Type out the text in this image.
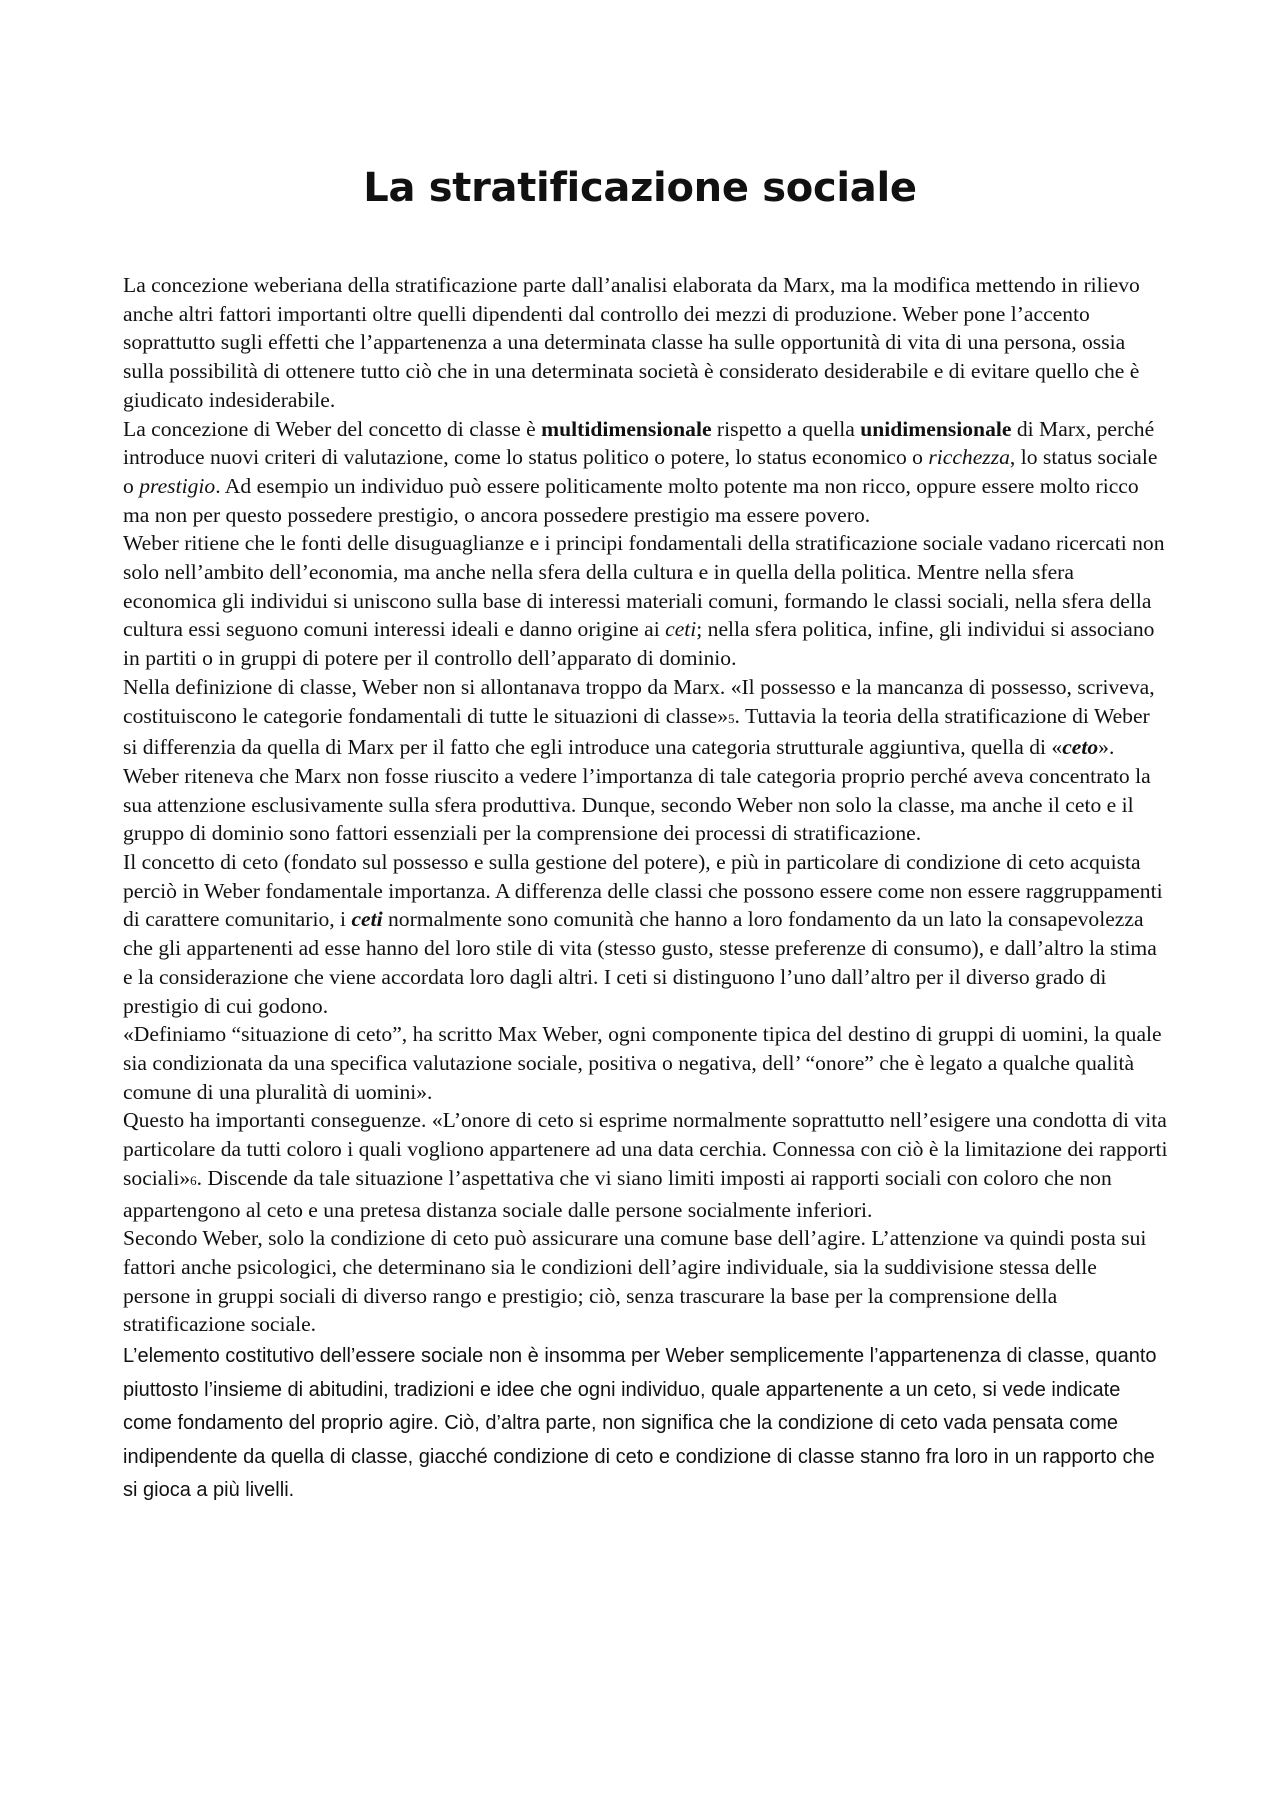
La stratificazione sociale

La concezione weberiana della stratificazione parte dall’analisi elaborata da Marx, ma la modifica mettendo in rilievo anche altri fattori importanti oltre quelli dipendenti dal controllo dei mezzi di produzione. Weber pone l’accento soprattutto sugli effetti che l’appartenenza a una determinata classe ha sulle opportunità di vita di una persona, ossia sulla possibilità di ottenere tutto ciò che in una determinata società è considerato desiderabile e di evitare quello che è giudicato indesiderabile.

La concezione di Weber del concetto di classe è multidimensionale rispetto a quella unidimensionale di Marx, perché introduce nuovi criteri di valutazione, come lo status politico o potere, lo status economico o ricchezza, lo status sociale o prestigio. Ad esempio un individuo può essere politicamente molto potente ma non ricco, oppure essere molto ricco ma non per questo possedere prestigio, o ancora possedere prestigio ma essere povero.

Weber ritiene che le fonti delle disuguaglianze e i principi fondamentali della stratificazione sociale vadano ricercati non solo nell’ambito dell’economia, ma anche nella sfera della cultura e in quella della politica. Mentre nella sfera economica gli individui si uniscono sulla base di interessi materiali comuni, formando le classi sociali, nella sfera della cultura essi seguono comuni interessi ideali e danno origine ai ceti; nella sfera politica, infine, gli individui si associano in partiti o in gruppi di potere per il controllo dell’apparato di dominio.

Nella definizione di classe, Weber non si allontanava troppo da Marx. «Il possesso e la mancanza di possesso, scriveva, costituiscono le categorie fondamentali di tutte le situazioni di classe»5. Tuttavia la teoria della stratificazione di Weber si differenzia da quella di Marx per il fatto che egli introduce una categoria strutturale aggiuntiva, quella di «ceto». Weber riteneva che Marx non fosse riuscito a vedere l’importanza di tale categoria proprio perché aveva concentrato la sua attenzione esclusivamente sulla sfera produttiva. Dunque, secondo Weber non solo la classe, ma anche il ceto e il gruppo di dominio sono fattori essenziali per la comprensione dei processi di stratificazione.

Il concetto di ceto (fondato sul possesso e sulla gestione del potere), e più in particolare di condizione di ceto acquista perciò in Weber fondamentale importanza. A differenza delle classi che possono essere come non essere raggruppamenti di carattere comunitario, i ceti normalmente sono comunità che hanno a loro fondamento da un lato la consapevolezza che gli appartenenti ad esse hanno del loro stile di vita (stesso gusto, stesse preferenze di consumo), e dall’altro la stima e la considerazione che viene accordata loro dagli altri. I ceti si distinguono l’uno dall’altro per il diverso grado di prestigio di cui godono.

«Definiamo “situazione di ceto”, ha scritto Max Weber, ogni componente tipica del destino di gruppi di uomini, la quale sia condizionata da una specifica valutazione sociale, positiva o negativa, dell’ “onore” che è legato a qualche qualità comune di una pluralità di uomini».

Questo ha importanti conseguenze. «L’onore di ceto si esprime normalmente soprattutto nell’esigere una condotta di vita particolare da tutti coloro i quali vogliono appartenere ad una data cerchia. Connessa con ciò è la limitazione dei rapporti sociali»6. Discende da tale situazione l’aspettativa che vi siano limiti imposti ai rapporti sociali con coloro che non appartengono al ceto e una pretesa distanza sociale dalle persone socialmente inferiori.

Secondo Weber, solo la condizione di ceto può assicurare una comune base dell’agire. L’attenzione va quindi posta sui fattori anche psicologici, che determinano sia le condizioni dell’agire individuale, sia la suddivisione stessa delle persone in gruppi sociali di diverso rango e prestigio; ciò, senza trascurare la base per la comprensione della stratificazione sociale.

L’elemento costitutivo dell’essere sociale non è insomma per Weber semplicemente l’appartenenza di classe, quanto piuttosto l’insieme di abitudini, tradizioni e idee che ogni individuo, quale appartenente a un ceto, si vede indicate come fondamento del proprio agire. Ciò, d’altra parte, non significa che la condizione di ceto vada pensata come indipendente da quella di classe, giacché condizione di ceto e condizione di classe stanno fra loro in un rapporto che si gioca a più livelli.
